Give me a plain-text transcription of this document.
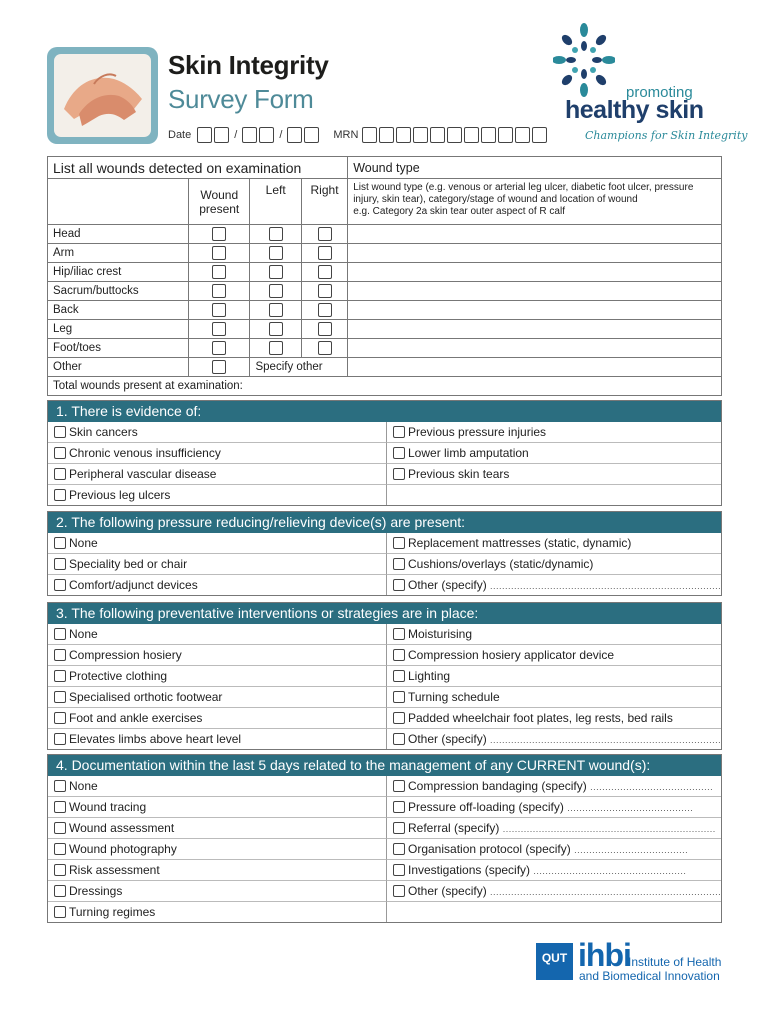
Skin Integrity
Survey Form
Date	/	/	MRN
promoting
healthy skin
Champions for Skin Integrity
List all wounds detected on examination				Wound type
	Wound present	Left	Right	List wound type (e.g. venous or arterial leg ulcer, diabetic foot ulcer, pressure injury, skin tear), category/stage of wound and location of wound
e.g. Category 2a skin tear outer aspect of R calf

Head				
Arm				
Hip/iliac crest				
Sacrum/buttocks				
Back				
Leg				
Foot/toes				
Other		Specify other		
Total wounds present at examination:				
1. There is evidence of:
Skin cancers	Previous pressure injuries
Chronic venous insufficiency	Lower limb amputation
Peripheral vascular disease	Previous skin tears
Previous leg ulcers
2. The following pressure reducing/relieving device(s) are present:
None	Replacement mattresses (static, dynamic)
Speciality bed or chair	Cushions/overlays (static/dynamic)
Comfort/adjunct devices	Other (specify) .............................................................................
3. The following preventative interventions or strategies are in place:
None	Moisturising
Compression hosiery	Compression hosiery applicator device
Protective clothing	Lighting
Specialised orthotic footwear	Turning schedule
Foot and ankle exercises	Padded wheelchair foot plates, leg rests, bed rails
Elevates limbs above heart level	Other (specify) .............................................................................
4. Documentation within the last 5 days related to the management of any CURRENT wound(s):
None	Compression bandaging (specify) .........................................
Wound tracing	Pressure off-loading (specify) ..........................................
Wound assessment	Referral (specify) .......................................................................
Wound photography	Organisation protocol (specify) ......................................
Risk assessment	Investigations (specify) ...................................................
Dressings	Other (specify) .............................................................................
Turning regimes
QUT ihbi
Institute of Health
and Biomedical Innovation
